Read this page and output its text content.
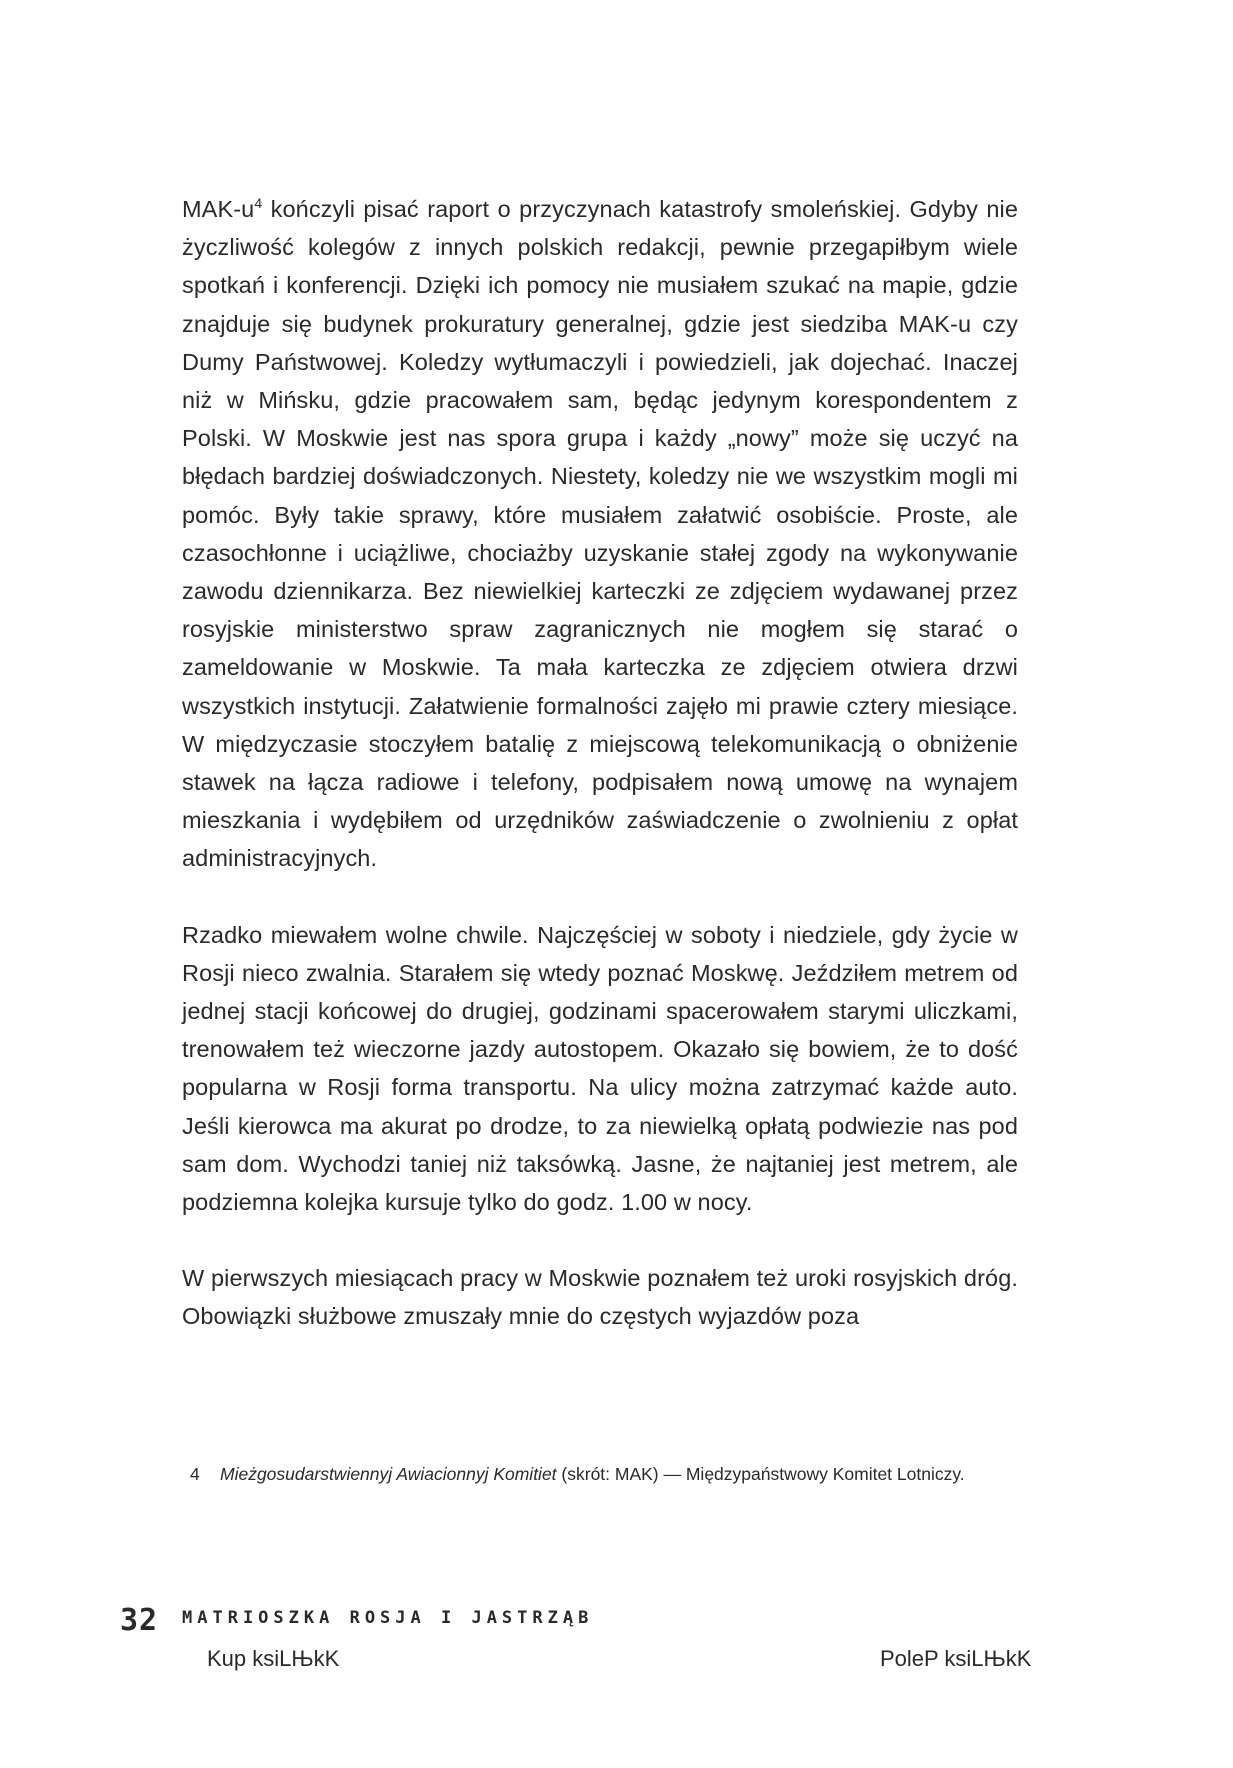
MAK-$u^4$ kończyli pisać raport o przyczynach katastrofy smoleńskiej. Gdyby nie życzliwość kolegów z innych polskich redakcji, pewnie przegapiłbym wiele spotkań i konferencji. Dzięki ich pomocy nie musiałem szukać na mapie, gdzie znajduje się budynek prokuratury generalnej, gdzie jest siedziba MAK-u czy Dumy Państwowej. Koledzy wytłumaczyli i powiedzieli, jak dojechać. Inaczej niż w Mińsku, gdzie pracowałem sam, będąc jedynym korespondentem z Polski. W Moskwie jest nas spora grupa i każdy „nowy” może się uczyć na błędach bardziej doświadczonych. Niestety, koledzy nie we wszystkim mogli mi pomóc. Były takie sprawy, które musiałem załatwić osobiście. Proste, ale czasochłonne i uciążliwe, chociażby uzyskanie stałej zgody na wykonywanie zawodu dziennikarza. Bez niewielkiej karteczki ze zdjęciem wydawanej przez rosyjskie ministerstwo spraw zagranicznych nie mogłem się starać o zameldowanie w Moskwie. Ta mała karteczka ze zdjęciem otwiera drzwi wszystkich instytucji. Załatwienie formalności zajęło mi prawie cztery miesiące. W międzyczasie stoczyłem batalię z miejscową telekomunikacją o obniżenie stawek na łącza radiowe i telefony, podpisałem nową umowę na wynajem mieszkania i wydębiłem od urzędników zaświadczenie o zwolnieniu z opłat administracyjnych.

Rzadko miewałem wolne chwile. Najczęściej w soboty i niedziele, gdy życie w Rosji nieco zwalnia. Starałem się wtedy poznać Moskwę. Jeździłem metrem od jednej stacji końcowej do drugiej, godzinami spacerowałem starymi uliczkami, trenowałem też wieczorne jazdy autostopem. Okazało się bowiem, że to dość popularna w Rosji forma transportu. Na ulicy można zatrzymać każde auto. Jeśli kierowca ma akurat po drodze, to za niewielką opłatą podwiezie nas pod sam dom. Wychodzi taniej niż taksówką. Jasne, że najtaniej jest metrem, ale podziemna kolejka kursuje tylko do godz. 1.00 w nocy.

W pierwszych miesiącach pracy w Moskwie poznałem też uroki rosyjskich dróg. Obowiązki służbowe zmuszały mnie do częstych wyjazdów poza

4	Mieżgosudarstwiennyj Awiacionnyj Komitiet (skrót: MAK) — Międzypaństwowy Komitet Lotniczy.
32 MATRIOSZKA ROSJA I JASTRZĄB
Kup ksiLЊkK	PoleP ksiLЊkK
